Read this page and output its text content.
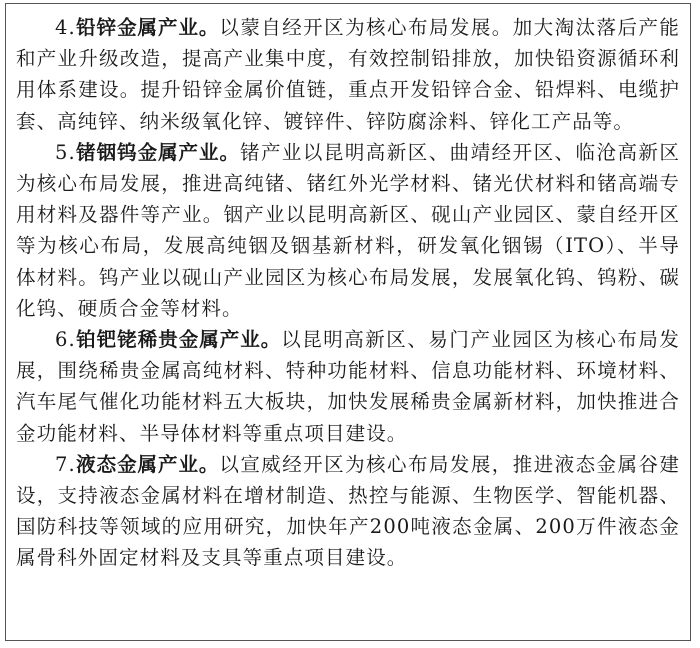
4.铅锌金属产业。以蒙自经开区为核心布局发展。加大淘汰落后产能和产业升级改造，提高产业集中度，有效控制铅排放，加快铅资源循环利用体系建设。提升铅锌金属价值链，重点开发铅锌合金、铅焊料、电缆护套、高纯锌、纳米级氧化锌、镀锌件、锌防腐涂料、锌化工产品等。

5.锗铟钨金属产业。锗产业以昆明高新区、曲靖经开区、临沧高新区为核心布局发展，推进高纯锗、锗红外光学材料、锗光伏材料和锗高端专用材料及器件等产业。铟产业以昆明高新区、砚山产业园区、蒙自经开区等为核心布局，发展高纯铟及铟基新材料，研发氧化铟锡（ITO）、半导体材料。钨产业以砚山产业园区为核心布局发展，发展氧化钨、钨粉、碳化钨、硬质合金等材料。

6.铂钯铑稀贵金属产业。以昆明高新区、易门产业园区为核心布局发展，围绕稀贵金属高纯材料、特种功能材料、信息功能材料、环境材料、汽车尾气催化功能材料五大板块，加快发展稀贵金属新材料，加快推进合金功能材料、半导体材料等重点项目建设。

7.液态金属产业。以宣威经开区为核心布局发展，推进液态金属谷建设，支持液态金属材料在增材制造、热控与能源、生物医学、智能机器、国防科技等领域的应用研究，加快年产200吨液态金属、200万件液态金属骨科外固定材料及支具等重点项目建设。
